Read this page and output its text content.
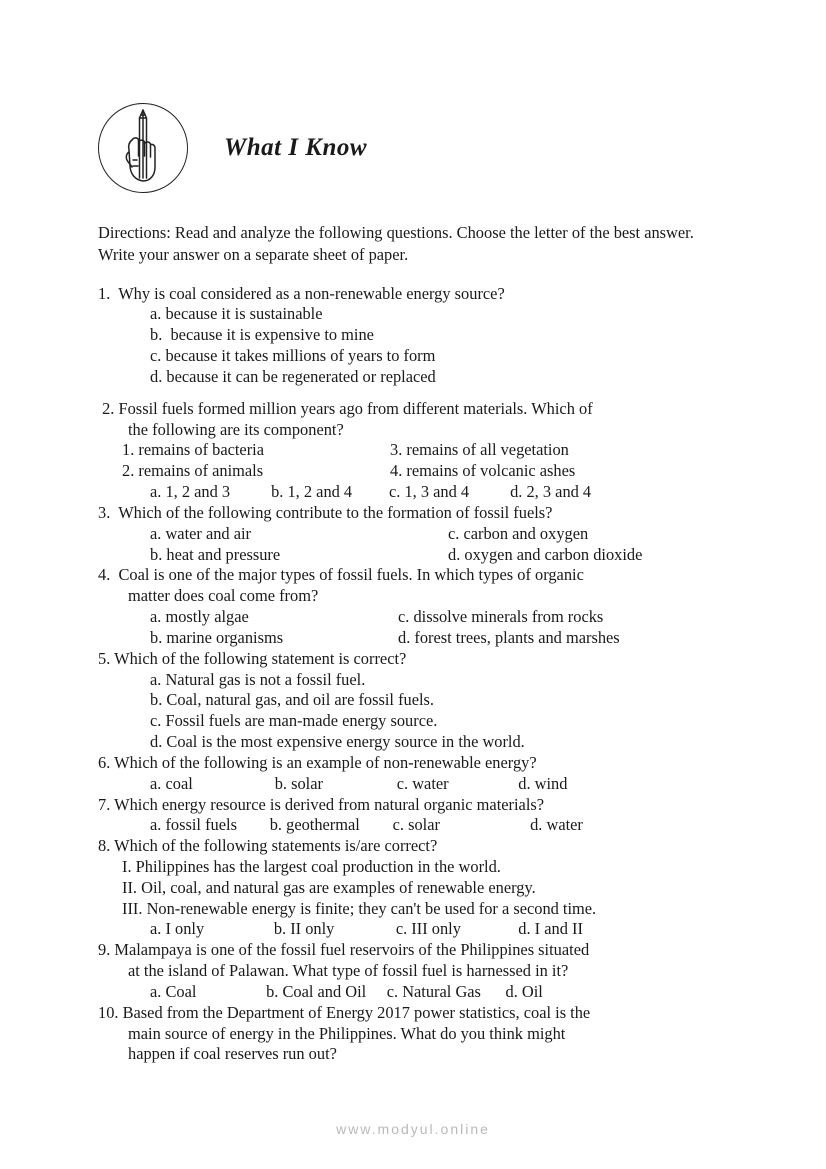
What I Know
Directions: Read and analyze the following questions. Choose the letter of the best answer. Write your answer on a separate sheet of paper.
1.  Why is coal considered as a non-renewable energy source?
a. because it is sustainable
b.  because it is expensive to mine
c. because it takes millions of years to form
d. because it can be regenerated or replaced
2. Fossil fuels formed million years ago from different materials. Which of
the following are its component?
1. remains of bacteria	3. remains of all vegetation
2. remains of animals	4. remains of volcanic ashes
a. 1, 2 and 3          b. 1, 2 and 4         c. 1, 3 and 4          d. 2, 3 and 4
3.  Which of the following contribute to the formation of fossil fuels?
a. water and air	c. carbon and oxygen
b. heat and pressure	d. oxygen and carbon dioxide
4.  Coal is one of the major types of fossil fuels. In which types of organic
matter does coal come from?
a. mostly algae	c. dissolve minerals from rocks
b. marine organisms	d. forest trees, plants and marshes
5. Which of the following statement is correct?
a. Natural gas is not a fossil fuel.
b. Coal, natural gas, and oil are fossil fuels.
c. Fossil fuels are man-made energy source.
d. Coal is the most expensive energy source in the world.
6. Which of the following is an example of non-renewable energy?
a. coal                    b. solar                  c. water                 d. wind
7. Which energy resource is derived from natural organic materials?
a. fossil fuels        b. geothermal        c. solar                      d. water
8. Which of the following statements is/are correct?
I. Philippines has the largest coal production in the world.
II. Oil, coal, and natural gas are examples of renewable energy.
III. Non-renewable energy is finite; they can't be used for a second time.
a. I only                 b. II only               c. III only              d. I and II
9. Malampaya is one of the fossil fuel reservoirs of the Philippines situated
at the island of Palawan. What type of fossil fuel is harnessed in it?
a. Coal                 b. Coal and Oil     c. Natural Gas      d. Oil
10. Based from the Department of Energy 2017 power statistics, coal is the
main source of energy in the Philippines. What do you think might
happen if coal reserves run out?
www.modyul.online
